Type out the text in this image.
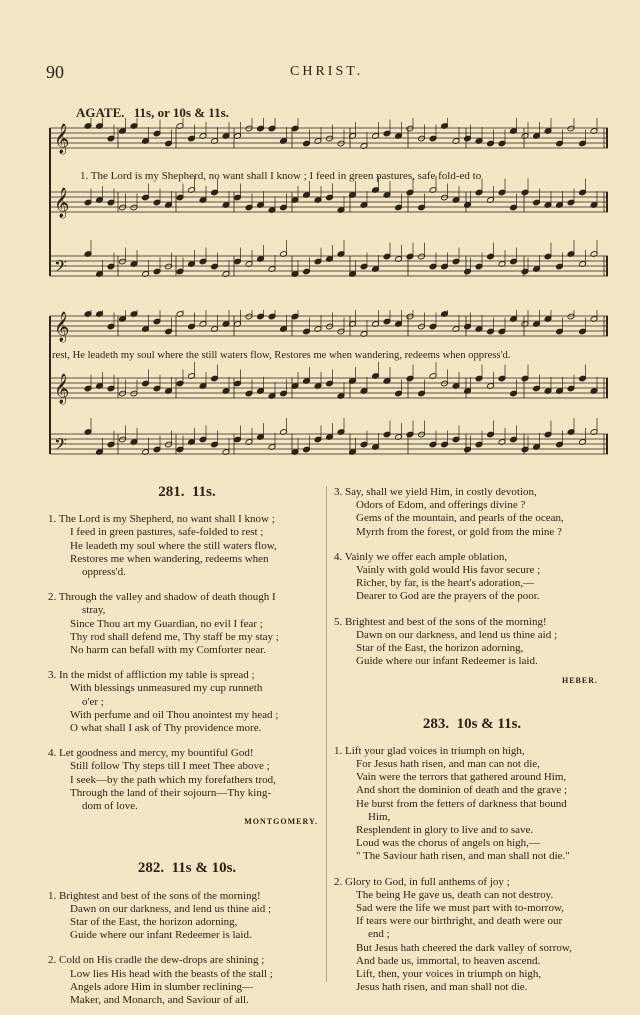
90	CHRIST.
AGATE. 11s, or 10s & 11s.
𝄞
𝄞
𝄢
1. The Lord is my Shepherd, no want shall I know ; I feed in green pastures, safe fold-ed to
𝄞
𝄞
𝄢
rest, He leadeth my soul where the still waters flow, Restores me when wandering, redeems when oppress'd.
281. 11s.
1. The Lord is my Shepherd, no want shall I know ;
I feed in green pastures, safe-folded to rest ;
He leadeth my soul where the still waters flow,
Restores me when wandering, redeems when
oppress'd.
2. Through the valley and shadow of death though I
stray,
Since Thou art my Guardian, no evil I fear ;
Thy rod shall defend me, Thy staff be my stay ;
No harm can befall with my Comforter near.
3. In the midst of affliction my table is spread ;
With blessings unmeasured my cup runneth
o'er ;
With perfume and oil Thou anointest my head ;
O what shall I ask of Thy providence more.
4. Let goodness and mercy, my bountiful God!
Still follow Thy steps till I meet Thee above ;
I seek—by the path which my forefathers trod,
Through the land of their sojourn—Thy king-
dom of love.
MONTGOMERY.
282. 11s & 10s.
1. Brightest and best of the sons of the morning!
Dawn on our darkness, and lend us thine aid ;
Star of the East, the horizon adorning,
Guide where our infant Redeemer is laid.
2. Cold on His cradle the dew-drops are shining ;
Low lies His head with the beasts of the stall ;
Angels adore Him in slumber reclining—
Maker, and Monarch, and Saviour of all.
3. Say, shall we yield Him, in costly devotion,
Odors of Edom, and offerings divine ?
Gems of the mountain, and pearls of the ocean,
Myrrh from the forest, or gold from the mine ?
4. Vainly we offer each ample oblation,
Vainly with gold would His favor secure ;
Richer, by far, is the heart's adoration,—
Dearer to God are the prayers of the poor.
5. Brightest and best of the sons of the morning!
Dawn on our darkness, and lend us thine aid ;
Star of the East, the horizon adorning,
Guide where our infant Redeemer is laid.
HEBER.
283. 10s & 11s.
1. Lift your glad voices in triumph on high,
For Jesus hath risen, and man can not die,
Vain were the terrors that gathered around Him,
And short the dominion of death and the grave ;
He burst from the fetters of darkness that bound
Him,
Resplendent in glory to live and to save.
Loud was the chorus of angels on high,—
" The Saviour hath risen, and man shall not die."
2. Glory to God, in full anthems of joy ;
The being He gave us, death can not destroy.
Sad were the life we must part with to-morrow,
If tears were our birthright, and death were our
end ;
But Jesus hath cheered the dark valley of sorrow,
And bade us, immortal, to heaven ascend.
Lift, then, your voices in triumph on high,
Jesus hath risen, and man shall not die.
